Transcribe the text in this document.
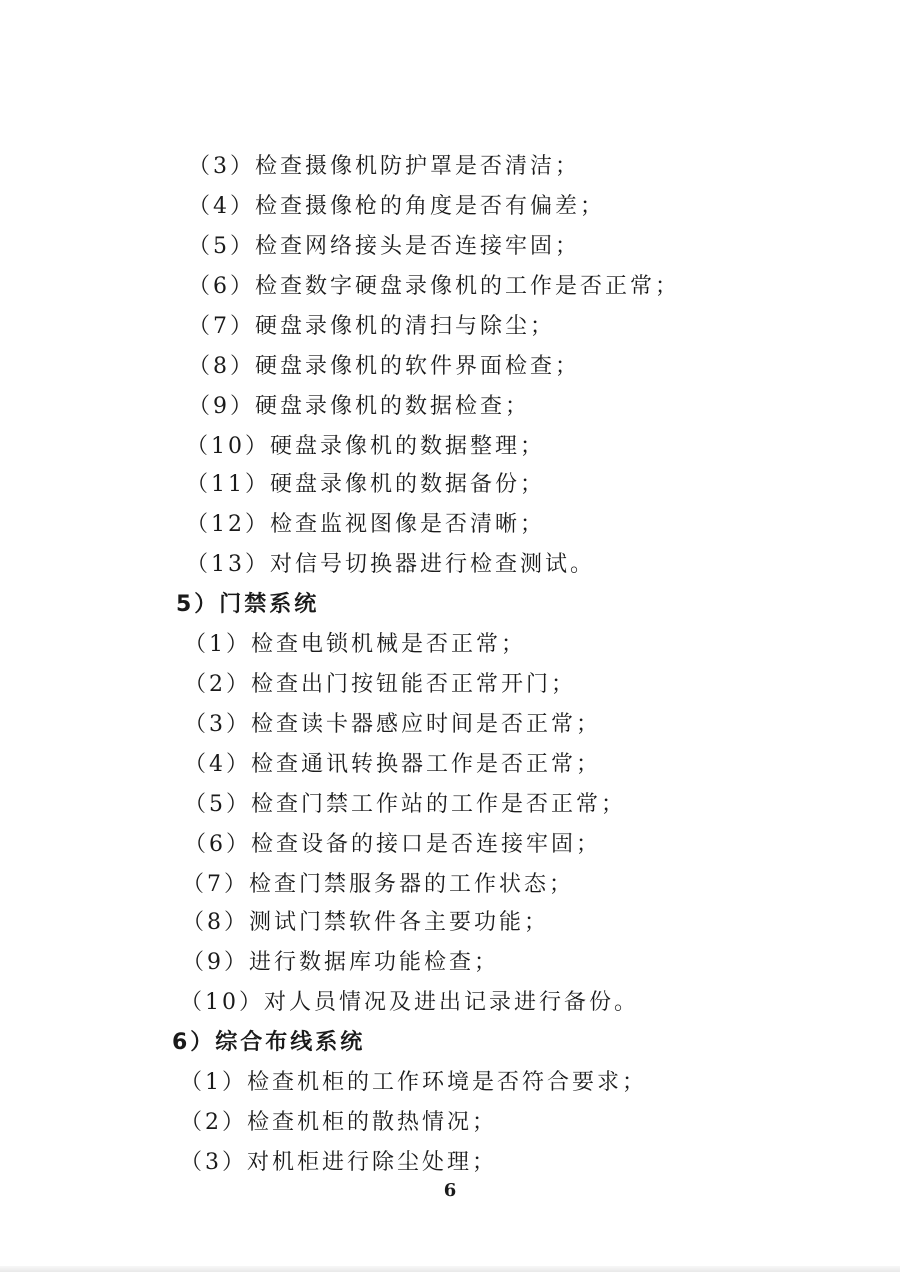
（3）检查摄像机防护罩是否清洁；
（4）检查摄像枪的角度是否有偏差；
（5）检查网络接头是否连接牢固；
（6）检查数字硬盘录像机的工作是否正常；
（7）硬盘录像机的清扫与除尘；
（8）硬盘录像机的软件界面检查；
（9）硬盘录像机的数据检查；
（10）硬盘录像机的数据整理；
（11）硬盘录像机的数据备份；
（12）检查监视图像是否清晰；
（13）对信号切换器进行检查测试。
5）门禁系统
（1）检查电锁机械是否正常；
（2）检查出门按钮能否正常开门；
（3）检查读卡器感应时间是否正常；
（4）检查通讯转换器工作是否正常；
（5）检查门禁工作站的工作是否正常；
（6）检查设备的接口是否连接牢固；
（7）检查门禁服务器的工作状态；
（8）测试门禁软件各主要功能；
（9）进行数据库功能检查；
（10）对人员情况及进出记录进行备份。
6）综合布线系统
（1）检查机柜的工作环境是否符合要求；
（2）检查机柜的散热情况；
（3）对机柜进行除尘处理；
6
